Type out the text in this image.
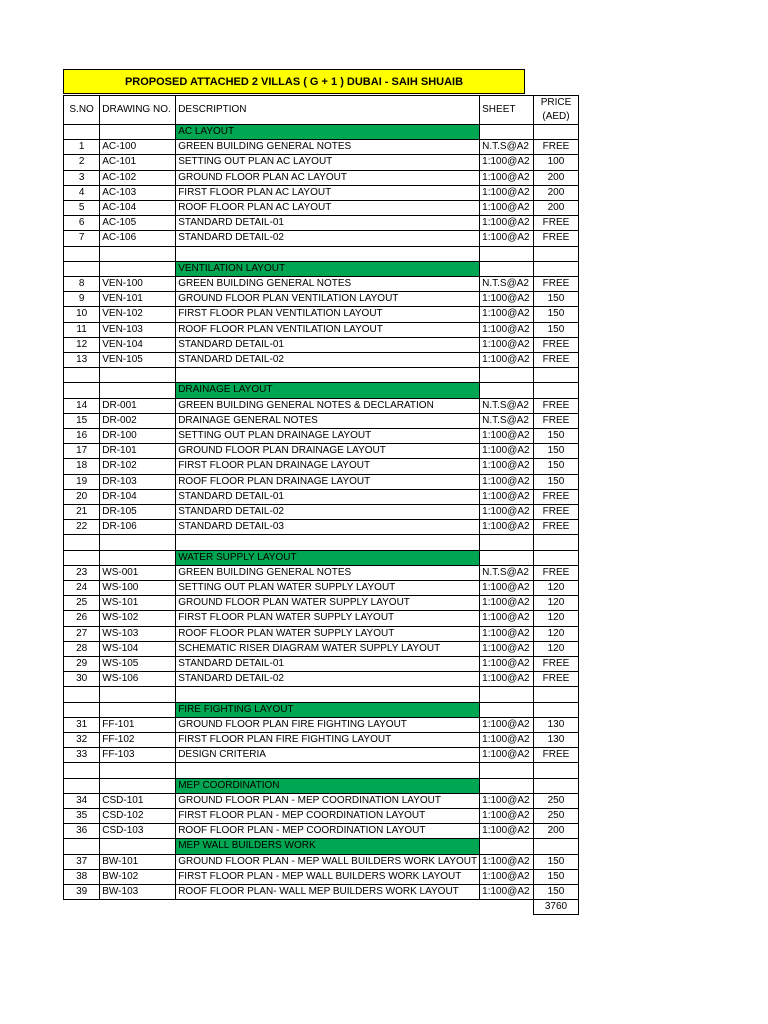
PROPOSED ATTACHED 2 VILLAS ( G + 1 ) DUBAI - SAIH SHUAIB
S.NO	DRAWING NO.	DESCRIPTION	SHEET	PRICE
(AED)

		AC LAYOUT		
1	AC-100	GREEN BUILDING GENERAL NOTES	N.T.S@A2	FREE
2	AC-101	SETTING OUT PLAN AC LAYOUT	1:100@A2	100
3	AC-102	GROUND FLOOR PLAN AC LAYOUT	1:100@A2	200
4	AC-103	FIRST FLOOR PLAN AC LAYOUT	1:100@A2	200
5	AC-104	ROOF FLOOR PLAN AC LAYOUT	1:100@A2	200
6	AC-105	STANDARD DETAIL-01	1:100@A2	FREE
7	AC-106	STANDARD DETAIL-02	1:100@A2	FREE

		VENTILATION LAYOUT		
8	VEN-100	GREEN BUILDING GENERAL NOTES	N.T.S@A2	FREE
9	VEN-101	GROUND FLOOR PLAN VENTILATION LAYOUT	1:100@A2	150
10	VEN-102	FIRST FLOOR PLAN VENTILATION LAYOUT	1:100@A2	150
11	VEN-103	ROOF FLOOR PLAN VENTILATION LAYOUT	1:100@A2	150
12	VEN-104	STANDARD DETAIL-01	1:100@A2	FREE
13	VEN-105	STANDARD DETAIL-02	1:100@A2	FREE

		DRAINAGE LAYOUT		
14	DR-001	GREEN BUILDING GENERAL NOTES & DECLARATION	N.T.S@A2	FREE
15	DR-002	DRAINAGE GENERAL NOTES	N.T.S@A2	FREE
16	DR-100	SETTING OUT PLAN DRAINAGE LAYOUT	1:100@A2	150
17	DR-101	GROUND FLOOR PLAN DRAINAGE LAYOUT	1:100@A2	150
18	DR-102	FIRST FLOOR PLAN DRAINAGE LAYOUT	1:100@A2	150
19	DR-103	ROOF FLOOR PLAN DRAINAGE LAYOUT	1:100@A2	150
20	DR-104	STANDARD DETAIL-01	1:100@A2	FREE
21	DR-105	STANDARD DETAIL-02	1:100@A2	FREE
22	DR-106	STANDARD DETAIL-03	1:100@A2	FREE

		WATER SUPPLY LAYOUT		
23	WS-001	GREEN BUILDING GENERAL NOTES	N.T.S@A2	FREE
24	WS-100	SETTING OUT PLAN WATER SUPPLY LAYOUT	1:100@A2	120
25	WS-101	GROUND FLOOR PLAN WATER SUPPLY LAYOUT	1:100@A2	120
26	WS-102	FIRST FLOOR PLAN WATER SUPPLY LAYOUT	1:100@A2	120
27	WS-103	ROOF FLOOR PLAN WATER SUPPLY LAYOUT	1:100@A2	120
28	WS-104	SCHEMATIC RISER DIAGRAM WATER SUPPLY LAYOUT	1:100@A2	120
29	WS-105	STANDARD DETAIL-01	1:100@A2	FREE
30	WS-106	STANDARD DETAIL-02	1:100@A2	FREE

		FIRE FIGHTING LAYOUT		
31	FF-101	GROUND FLOOR PLAN FIRE FIGHTING LAYOUT	1:100@A2	130
32	FF-102	FIRST FLOOR PLAN FIRE FIGHTING LAYOUT	1:100@A2	130
33	FF-103	DESIGN CRITERIA	1:100@A2	FREE

		MEP COORDINATION		
34	CSD-101	GROUND FLOOR PLAN - MEP COORDINATION LAYOUT	1:100@A2	250
35	CSD-102	FIRST FLOOR PLAN - MEP COORDINATION LAYOUT	1:100@A2	250
36	CSD-103	ROOF FLOOR PLAN - MEP COORDINATION LAYOUT	1:100@A2	200
		MEP WALL BUILDERS WORK		
37	BW-101	GROUND FLOOR PLAN - MEP WALL BUILDERS WORK LAYOUT	1:100@A2	150
38	BW-102	FIRST FLOOR PLAN - MEP WALL BUILDERS WORK LAYOUT	1:100@A2	150
39	BW-103	ROOF FLOOR PLAN- WALL MEP BUILDERS WORK LAYOUT	1:100@A2	150
				3760
